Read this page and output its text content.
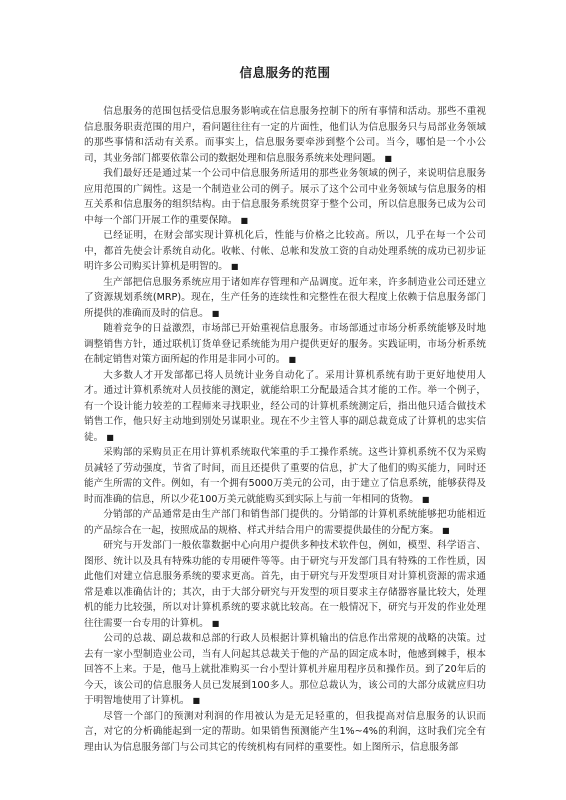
信息服务的范围

信息服务的范围包括受信息服务影响或在信息服务控制下的所有事情和活动。那些不重视信息服务职责范围的用户，看问题往往有一定的片面性，他们认为信息服务只与局部业务领域的那些事情和活动有关系。而事实上，信息服务要牵涉到整个公司。当今，哪怕是一个小公司，其业务部门都要依靠公司的数据处理和信息服务系统来处理问题。 ■

我们最好还是通过某一个公司中信息服务所适用的那些业务领域的例子，来说明信息服务应用范围的广阔性。这是一个制造业公司的例子。展示了这个公司中业务领域与信息服务的相互关系和信息服务的组织结构。由于信息服务系统贯穿于整个公司，所以信息服务已成为公司中每一个部门开展工作的重要保障。 ■

已经证明，在财会部实现计算机化后，性能与价格之比较高。所以，几乎在每一个公司中，都首先使会计系统自动化。收帐、付帐、总帐和发放工资的自动处理系统的成功已初步证明许多公司购买计算机是明智的。 ■

生产部把信息服务系统应用于诸如库存管理和产品调度。近年来，许多制造业公司还建立了资源规划系统(MRP)。现在，生产任务的连续性和完整性在很大程度上依赖于信息服务部门所提供的准确而及时的信息。 ■

随着竞争的日益激烈，市场部已开始重视信息服务。市场部通过市场分析系统能够及时地调整销售方针，通过联机订货单登记系统能为用户提供更好的服务。实践证明，市场分析系统在制定销售对策方面所起的作用是非同小可的。 ■

大多数人才开发部都已将人员统计业务自动化了。采用计算机系统有助于更好地使用人才。通过计算机系统对人员技能的测定，就能给职工分配最适合其才能的工作。举一个例子，有一个设计能力较差的工程师来寻找职业，经公司的计算机系统测定后，指出他只适合做技术销售工作，他只好主动地到别处另谋职业。现在不少主管人事的副总裁竟成了计算机的忠实信徒。 ■

采购部的采购员正在用计算机系统取代笨重的手工操作系统。这些计算机系统不仅为采购员减轻了劳动强度，节省了时间，而且还提供了重要的信息，扩大了他们的购买能力，同时还能产生所需的文件。例如，有一个拥有5000万美元的公司，由于建立了信息系统，能够获得及时而准确的信息，所以少花100万美元就能购买到实际上与前一年相同的货物。 ■

分销部的产品通常是由生产部门和销售部门提供的。分销部的计算机系统能够把功能相近的产品综合在一起，按照成品的规格、样式并结合用户的需要提供最佳的分配方案。 ■

研究与开发部门一般依靠数据中心向用户提供多种技术软件包，例如，模型、科学语言、图形、统计以及具有特殊功能的专用硬件等等。由于研究与开发部门具有特殊的工作性质，因此他们对建立信息服务系统的要求更高。首先，由于研究与开发型项目对计算机资源的需求通常是难以准确估计的；其次，由于大部分研究与开发型的项目要求主存储器容量比较大，处理机的能力比较强，所以对计算机系统的要求就比较高。在一般情况下，研究与开发的作业处理往往需要一台专用的计算机。 ■

公司的总裁、副总裁和总部的行政人员根据计算机输出的信息作出常规的战略的决策。过去有一家小型制造业公司，当有人问起其总裁关于他的产品的固定成本时，他感到棘手，根本回答不上来。于是，他马上就批准购买一台小型计算机并雇用程序员和操作员。到了20年后的今天，该公司的信息服务人员已发展到100多人。那位总裁认为，该公司的大部分成就应归功于明智地使用了计算机。 ■

尽管一个部门的预测对利润的作用被认为是无足轻重的，但我提高对信息服务的认识而言，对它的分析确能起到一定的帮助。如果销售预测能产生1%~4%的利润，这时我们完全有理由认为信息服务部门与公司其它的传统机构有同样的重要性。如上图所示，信息服务部
